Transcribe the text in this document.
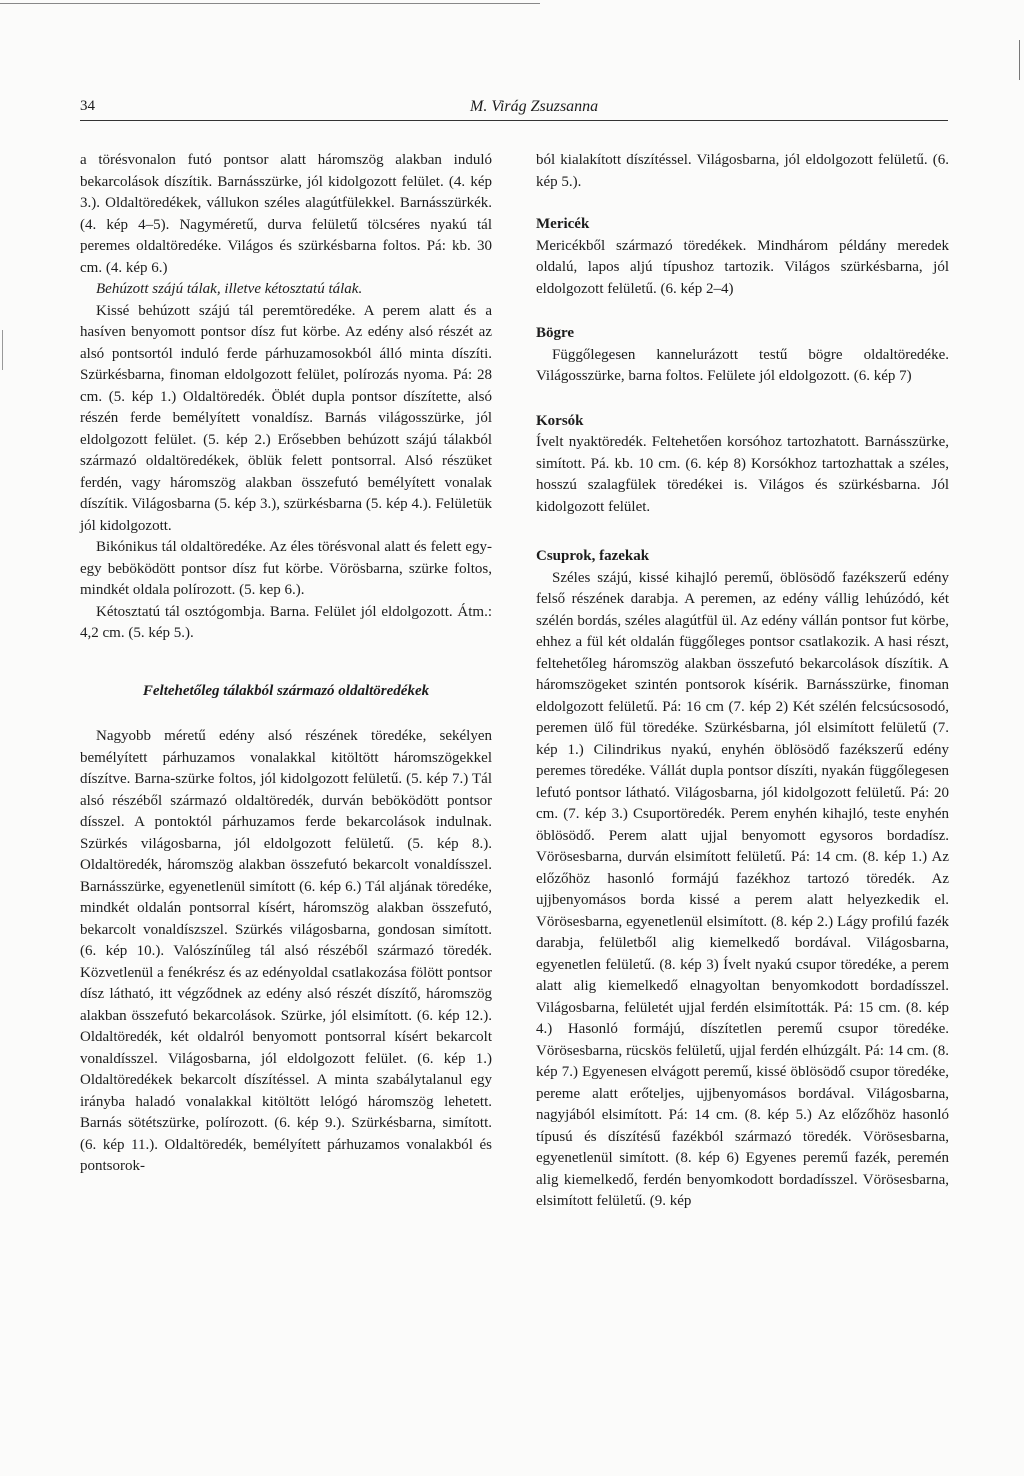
34	M. Virág Zsuzsanna

a törésvonalon futó pontsor alatt háromszög alakban induló bekarcolások díszítik. Barnásszürke, jól kidolgozott felület. (4. kép 3.). Oldaltöredékek, vállukon széles alagútfülekkel. Barnásszürkék. (4. kép 4–5). Nagyméretű, durva felületű tölcséres nyakú tál peremes oldaltöredéke. Világos és szürkésbarna foltos. Pá: kb. 30 cm. (4. kép 6.)

Behúzott szájú tálak, illetve kétosztatú tálak.

Kissé behúzott szájú tál peremtöredéke. A perem alatt és a hasíven benyomott pontsor dísz fut körbe. Az edény alsó részét az alsó pontsortól induló ferde párhuzamosokból álló minta díszíti. Szürkésbarna, finoman eldolgozott felület, polírozás nyoma. Pá: 28 cm. (5. kép 1.) Oldaltöredék. Öblét dupla pontsor díszítette, alsó részén ferde bemélyített vonaldísz. Barnás világosszürke, jól eldolgozott felület. (5. kép 2.) Erősebben behúzott szájú tálakból származó oldaltöredékek, öblük felett pontsorral. Alsó részüket ferdén, vagy háromszög alakban összefutó bemélyített vonalak díszítik. Világosbarna (5. kép 3.), szürkésbarna (5. kép 4.). Felületük jól kidolgozott.

Bikónikus tál oldaltöredéke. Az éles törésvonal alatt és felett egy-egy beböködött pontsor dísz fut körbe. Vörösbarna, szürke foltos, mindkét oldala polírozott. (5. kep 6.).

Kétosztatú tál osztógombja. Barna. Felület jól eldolgozott. Átm.: 4,2 cm. (5. kép 5.).

Feltehetőleg tálakból származó oldaltöredékek

Nagyobb méretű edény alsó részének töredéke, sekélyen bemélyített párhuzamos vonalakkal kitöltött háromszögekkel díszítve. Barna-szürke foltos, jól kidolgozott felületű. (5. kép 7.) Tál alsó részéből származó oldaltöredék, durván beböködött pontsor dísszel. A pontoktól párhuzamos ferde bekarcolások indulnak. Szürkés világosbarna, jól eldolgozott felületű. (5. kép 8.). Oldaltöredék, háromszög alakban összefutó bekarcolt vonaldísszel. Barnásszürke, egyenetlenül simított (6. kép 6.) Tál aljának töredéke, mindkét oldalán pontsorral kísért, háromszög alakban összefutó, bekarcolt vonaldíszszel. Szürkés világosbarna, gondosan simított. (6. kép 10.). Valószínűleg tál alsó részéből származó töredék. Közvetlenül a fenékrész és az edényoldal csatlakozása fölött pontsor dísz látható, itt végződnek az edény alsó részét díszítő, háromszög alakban összefutó bekarcolások. Szürke, jól elsimított. (6. kép 12.). Oldaltöredék, két oldalról benyomott pontsorral kísért bekarcolt vonaldísszel. Világosbarna, jól eldolgozott felület. (6. kép 1.) Oldaltöredékek bekarcolt díszítéssel. A minta szabálytalanul egy irányba haladó vonalakkal kitöltött lelógó háromszög lehetett. Barnás sötétszürke, polírozott. (6. kép 9.). Szürkésbarna, simított. (6. kép 11.). Oldaltöredék, bemélyített párhuzamos vonalakból és pontsorok-

ból kialakított díszítéssel. Világosbarna, jól eldolgozott felületű. (6. kép 5.).

Mericék

Mericékből származó töredékek. Mindhárom példány meredek oldalú, lapos aljú típushoz tartozik. Világos szürkésbarna, jól eldolgozott felületű. (6. kép 2–4)

Bögre

Függőlegesen kannelurázott testű bögre oldaltöredéke. Világosszürke, barna foltos. Felülete jól eldolgozott. (6. kép 7)

Korsók

Ívelt nyaktöredék. Feltehetően korsóhoz tartozhatott. Barnásszürke, simított. Pá. kb. 10 cm. (6. kép 8) Korsókhoz tartozhattak a széles, hosszú szalagfülek töredékei is. Világos és szürkésbarna. Jól kidolgozott felület.

Csuprok, fazekak

Széles szájú, kissé kihajló peremű, öblösödő fazékszerű edény felső részének darabja. A peremen, az edény vállig lehúzódó, két szélén bordás, széles alagútfül ül. Az edény vállán pontsor fut körbe, ehhez a fül két oldalán függőleges pontsor csatlakozik. A hasi részt, feltehetőleg háromszög alakban összefutó bekarcolások díszítik. A háromszögeket szintén pontsorok kísérik. Barnásszürke, finoman eldolgozott felületű. Pá: 16 cm (7. kép 2) Két szélén felcsúcsosodó, peremen ülő fül töredéke. Szürkésbarna, jól elsimított felületű (7. kép 1.) Cilindrikus nyakú, enyhén öblösödő fazékszerű edény peremes töredéke. Vállát dupla pontsor díszíti, nyakán függőlegesen lefutó pontsor látható. Világosbarna, jól kidolgozott felületű. Pá: 20 cm. (7. kép 3.) Csuportöredék. Perem enyhén kihajló, teste enyhén öblösödő. Perem alatt ujjal benyomott egysoros bordadísz. Vörösesbarna, durván elsimított felületű. Pá: 14 cm. (8. kép 1.) Az előzőhöz hasonló formájú fazékhoz tartozó töredék. Az ujjbenyomásos borda kissé a perem alatt helyezkedik el. Vörösesbarna, egyenetlenül elsimított. (8. kép 2.) Lágy profilú fazék darabja, felületből alig kiemelkedő bordával. Világosbarna, egyenetlen felületű. (8. kép 3) Ívelt nyakú csupor töredéke, a perem alatt alig kiemelkedő elnagyoltan benyomkodott bordadísszel. Világosbarna, felületét ujjal ferdén elsimították. Pá: 15 cm. (8. kép 4.) Hasonló formájú, díszítetlen peremű csupor töredéke. Vörösesbarna, rücskös felületű, ujjal ferdén elhúzgált. Pá: 14 cm. (8. kép 7.) Egyenesen elvágott peremű, kissé öblösödő csupor töredéke, pereme alatt erőteljes, ujjbenyomásos bordával. Világosbarna, nagyjából elsimított. Pá: 14 cm. (8. kép 5.) Az előzőhöz hasonló típusú és díszítésű fazékból származó töredék. Vörösesbarna, egyenetlenül simított. (8. kép 6) Egyenes peremű fazék, peremén alig kiemelkedő, ferdén benyomkodott bordadísszel. Vörösesbarna, elsimított felületű. (9. kép
